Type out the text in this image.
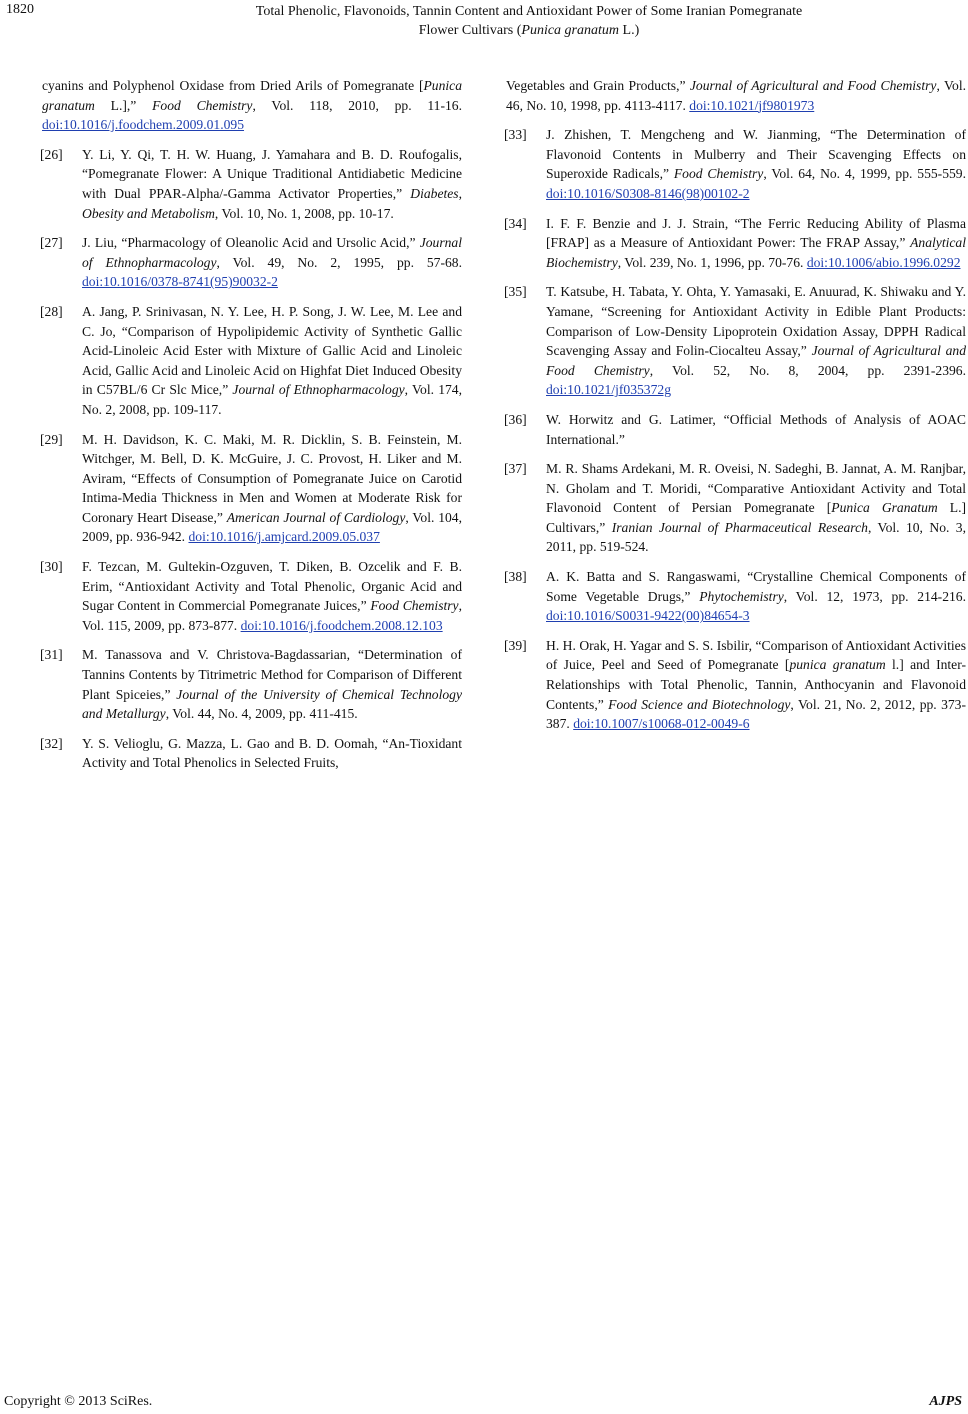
1820	Total Phenolic, Flavonoids, Tannin Content and Antioxidant Power of Some Iranian Pomegranate
Flower Cultivars (Punica granatum L.)
cyanins and Polyphenol Oxidase from Dried Arils of Pomegranate [Punica granatum L.],” Food Chemistry, Vol. 118, 2010, pp. 11-16. doi:10.1016/j.foodchem.2009.01.095
[26] Y. Li, Y. Qi, T. H. W. Huang, J. Yamahara and B. D. Roufogalis, “Pomegranate Flower: A Unique Traditional Antidiabetic Medicine with Dual PPAR-Alpha/-Gamma Activator Properties,” Diabetes, Obesity and Metabolism, Vol. 10, No. 1, 2008, pp. 10-17.
[27] J. Liu, “Pharmacology of Oleanolic Acid and Ursolic Acid,” Journal of Ethnopharmacology, Vol. 49, No. 2, 1995, pp. 57-68. doi:10.1016/0378-8741(95)90032-2
[28] A. Jang, P. Srinivasan, N. Y. Lee, H. P. Song, J. W. Lee, M. Lee and C. Jo, “Comparison of Hypolipidemic Activity of Synthetic Gallic Acid-Linoleic Acid Ester with Mixture of Gallic Acid and Linoleic Acid, Gallic Acid and Linoleic Acid on Highfat Diet Induced Obesity in C57BL/6 Cr Slc Mice,” Journal of Ethnopharmacology, Vol. 174, No. 2, 2008, pp. 109-117.
[29] M. H. Davidson, K. C. Maki, M. R. Dicklin, S. B. Feinstein, M. Witchger, M. Bell, D. K. McGuire, J. C. Provost, H. Liker and M. Aviram, “Effects of Consumption of Pomegranate Juice on Carotid Intima-Media Thickness in Men and Women at Moderate Risk for Coronary Heart Disease,” American Journal of Cardiology, Vol. 104, 2009, pp. 936-942. doi:10.1016/j.amjcard.2009.05.037
[30] F. Tezcan, M. Gultekin-Ozguven, T. Diken, B. Ozcelik and F. B. Erim, “Antioxidant Activity and Total Phenolic, Organic Acid and Sugar Content in Commercial Pomegranate Juices,” Food Chemistry, Vol. 115, 2009, pp. 873-877. doi:10.1016/j.foodchem.2008.12.103
[31] M. Tanassova and V. Christova-Bagdassarian, “Determination of Tannins Contents by Titrimetric Method for Comparison of Different Plant Spiceies,” Journal of the University of Chemical Technology and Metallurgy, Vol. 44, No. 4, 2009, pp. 411-415.
[32] Y. S. Velioglu, G. Mazza, L. Gao and B. D. Oomah, “An-Tioxidant Activity and Total Phenolics in Selected Fruits,
Vegetables and Grain Products,” Journal of Agricultural and Food Chemistry, Vol. 46, No. 10, 1998, pp. 4113-4117. doi:10.1021/jf9801973
[33] J. Zhishen, T. Mengcheng and W. Jianming, “The Determination of Flavonoid Contents in Mulberry and Their Scavenging Effects on Superoxide Radicals,” Food Chemistry, Vol. 64, No. 4, 1999, pp. 555-559. doi:10.1016/S0308-8146(98)00102-2
[34] I. F. F. Benzie and J. J. Strain, “The Ferric Reducing Ability of Plasma [FRAP] as a Measure of Antioxidant Power: The FRAP Assay,” Analytical Biochemistry, Vol. 239, No. 1, 1996, pp. 70-76. doi:10.1006/abio.1996.0292
[35] T. Katsube, H. Tabata, Y. Ohta, Y. Yamasaki, E. Anuurad, K. Shiwaku and Y. Yamane, “Screening for Antioxidant Activity in Edible Plant Products: Comparison of Low-Density Lipoprotein Oxidation Assay, DPPH Radical Scavenging Assay and Folin-Ciocalteu Assay,” Journal of Agricultural and Food Chemistry, Vol. 52, No. 8, 2004, pp. 2391-2396. doi:10.1021/jf035372g
[36] W. Horwitz and G. Latimer, “Official Methods of Analysis of AOAC International.”
[37] M. R. Shams Ardekani, M. R. Oveisi, N. Sadeghi, B. Jannat, A. M. Ranjbar, N. Gholam and T. Moridi, “Comparative Antioxidant Activity and Total Flavonoid Content of Persian Pomegranate [Punica Granatum L.] Cultivars,” Iranian Journal of Pharmaceutical Research, Vol. 10, No. 3, 2011, pp. 519-524.
[38] A. K. Batta and S. Rangaswami, “Crystalline Chemical Components of Some Vegetable Drugs,” Phytochemistry, Vol. 12, 1973, pp. 214-216. doi:10.1016/S0031-9422(00)84654-3
[39] H. H. Orak, H. Yagar and S. S. Isbilir, “Comparison of Antioxidant Activities of Juice, Peel and Seed of Pomegranate [punica granatum l.] and Inter-Relationships with Total Phenolic, Tannin, Anthocyanin and Flavonoid Contents,” Food Science and Biotechnology, Vol. 21, No. 2, 2012, pp. 373-387. doi:10.1007/s10068-012-0049-6
Copyright © 2013 SciRes.	AJPS
